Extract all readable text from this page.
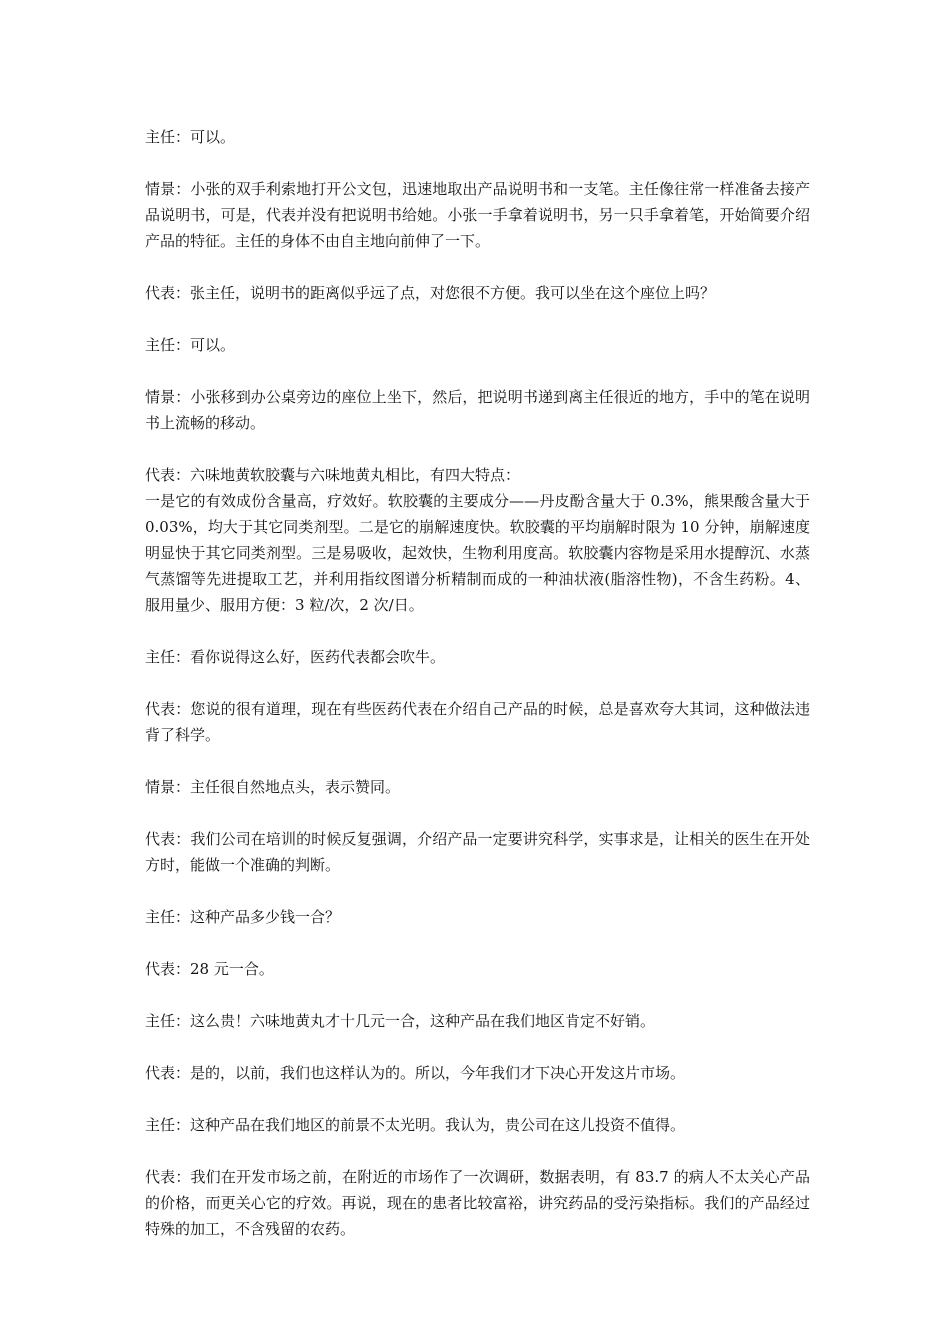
主任：可以。

情景：小张的双手利索地打开公文包，迅速地取出产品说明书和一支笔。主任像往常一样准备去接产品说明书，可是，代表并没有把说明书给她。小张一手拿着说明书，另一只手拿着笔，开始简要介绍产品的特征。主任的身体不由自主地向前伸了一下。

代表：张主任，说明书的距离似乎远了点，对您很不方便。我可以坐在这个座位上吗？

主任：可以。

情景：小张移到办公桌旁边的座位上坐下，然后，把说明书递到离主任很近的地方，手中的笔在说明书上流畅的移动。

代表：六味地黄软胶囊与六味地黄丸相比，有四大特点：

一是它的有效成份含量高，疗效好。软胶囊的主要成分——丹皮酚含量大于 0.3%，熊果酸含量大于 0.03%，均大于其它同类剂型。二是它的崩解速度快。软胶囊的平均崩解时限为 10 分钟，崩解速度明显快于其它同类剂型。三是易吸收，起效快，生物利用度高。软胶囊内容物是采用水提醇沉、水蒸气蒸馏等先进提取工艺，并利用指纹图谱分析精制而成的一种油状液(脂溶性物)，不含生药粉。4、服用量少、服用方便：3 粒/次，2 次/日。

主任：看你说得这么好，医药代表都会吹牛。

代表：您说的很有道理，现在有些医药代表在介绍自己产品的时候，总是喜欢夸大其词，这种做法违背了科学。

情景：主任很自然地点头，表示赞同。

代表：我们公司在培训的时候反复强调，介绍产品一定要讲究科学，实事求是，让相关的医生在开处方时，能做一个准确的判断。

主任：这种产品多少钱一合？

代表：28 元一合。

主任：这么贵！六味地黄丸才十几元一合，这种产品在我们地区肯定不好销。

代表：是的，以前，我们也这样认为的。所以，今年我们才下决心开发这片市场。

主任：这种产品在我们地区的前景不太光明。我认为，贵公司在这儿投资不值得。

代表：我们在开发市场之前，在附近的市场作了一次调研，数据表明，有 83.7 的病人不太关心产品的价格，而更关心它的疗效。再说，现在的患者比较富裕，讲究药品的受污染指标。我们的产品经过特殊的加工，不含残留的农药。
